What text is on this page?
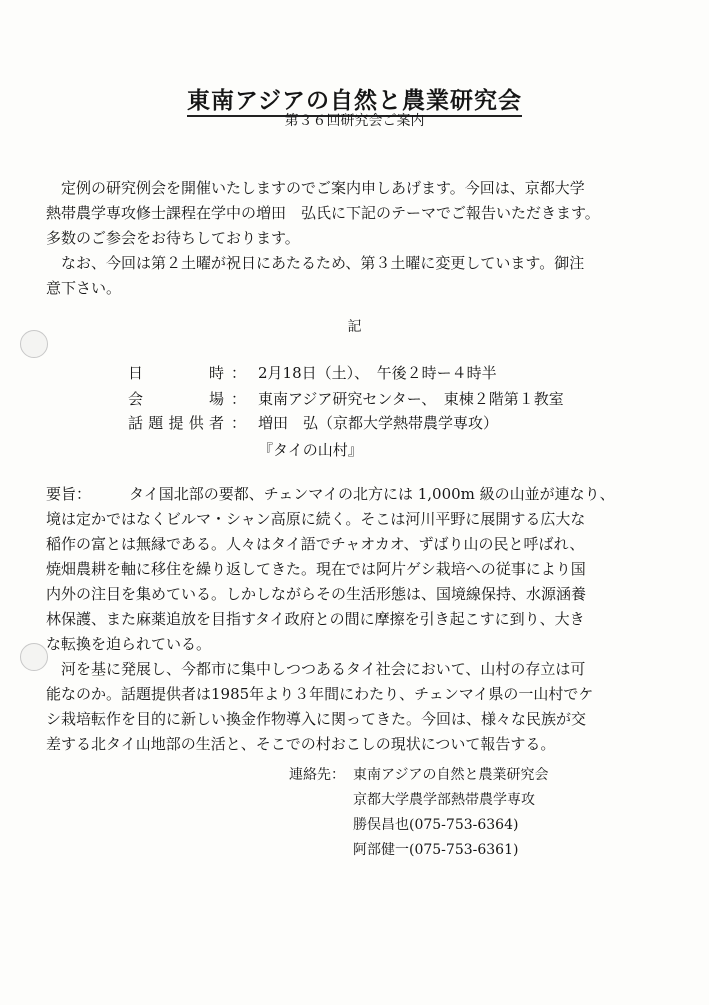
東南アジアの自然と農業研究会
第３６回研究会ご案内

定例の研究例会を開催いたしますのでご案内申しあげます。今回は、京都大学

熱帯農学専攻修士課程在学中の増田　弘氏に下記のテーマでご報告いただきます。

多数のご参会をお待ちしております。

なお、今回は第２土曜が祝日にあたるため、第３土曜に変更しています。御注

意下さい。

記
日時 ： 2月18日（土）、　午後２時ー４時半
会場 ： 東南アジア研究センター、　東棟２階第１教室
話題提供者 ： 増田　弘（京都大学熱帯農学専攻）
『タイの山村』

要旨：	タイ国北部の要都、チェンマイの北方には 1,000m 級の山並が連なり、

境は定かではなくビルマ・シャン高原に続く。そこは河川平野に展開する広大な

稲作の富とは無縁である。人々はタイ語でチャオカオ、ずばり山の民と呼ばれ、

焼畑農耕を軸に移住を繰り返してきた。現在では阿片ゲシ栽培への従事により国

内外の注目を集めている。しかしながらその生活形態は、国境線保持、水源涵養

林保護、また麻薬追放を目指すタイ政府との間に摩擦を引き起こすに到り、大き

な転換を迫られている。

河を基に発展し、今都市に集中しつつあるタイ社会において、山村の存立は可

能なのか。話題提供者は1985年より３年間にわたり、チェンマイ県の一山村でケ

シ栽培転作を目的に新しい換金作物導入に関ってきた。今回は、様々な民族が交

差する北タイ山地部の生活と、そこでの村おこしの現状について報告する。

連絡先： 東南アジアの自然と農業研究会
京都大学農学部熱帯農学専攻
勝俣昌也(075-753-6364)
阿部健一(075-753-6361)
